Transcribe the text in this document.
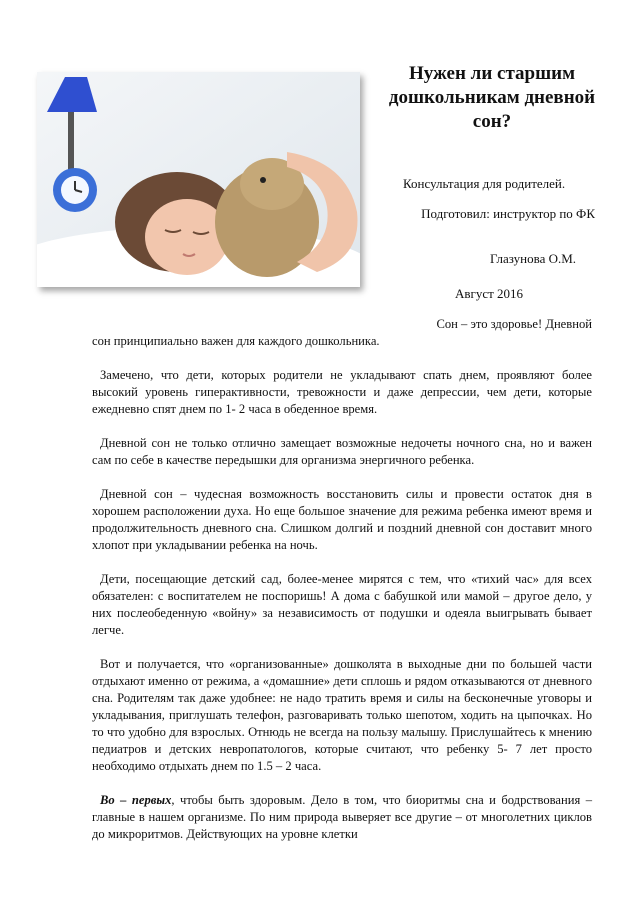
Нужен ли старшим дошкольникам дневной сон?
Консультация для родителей.
Подготовил: инструктор по ФК
Глазунова О.М.
Август 2016

Сон – это здоровье! Дневной
сон принципиально важен для каждого дошкольника.

Замечено, что дети, которых родители не укладывают спать днем, проявляют более высокий уровень гиперактивности, тревожности и даже депрессии, чем дети, которые ежедневно спят днем по 1- 2 часа в обеденное время.

Дневной сон не только отлично замещает возможные недочеты ночного сна, но и важен сам по себе в качестве передышки для организма энергичного ребенка.

Дневной сон – чудесная возможность восстановить силы и провести остаток дня в хорошем расположении духа. Но еще большое значение для режима ребенка имеют время и продолжительность дневного сна. Слишком долгий и поздний дневной сон доставит много хлопот при укладывании ребенка на ночь.

Дети, посещающие детский сад, более-менее мирятся с тем, что «тихий час» для всех обязателен: с воспитателем не поспоришь! А дома с бабушкой или мамой – другое дело, у них послеобеденную «войну» за независимость от подушки и одеяла выигрывать бывает легче.

Вот и получается, что «организованные» дошколята в выходные дни по большей части отдыхают именно от режима, а «домашние» дети сплошь и рядом отказываются от дневного сна. Родителям так даже удобнее: не надо тратить время и силы на бесконечные уговоры и укладывания, приглушать телефон, разговаривать только шепотом, ходить на цыпочках. Но то что удобно для взрослых. Отнюдь не всегда на пользу малышу. Прислушайтесь к мнению педиатров и детских невропатологов, которые считают, что ребенку 5- 7 лет просто необходимо отдыхать днем по 1.5 – 2 часа.

Во – первых, чтобы быть здоровым. Дело в том, что биоритмы сна и бодрствования – главные в нашем организме. По ним природа выверяет все другие – от многолетних циклов до микроритмов. Действующих на уровне клетки
